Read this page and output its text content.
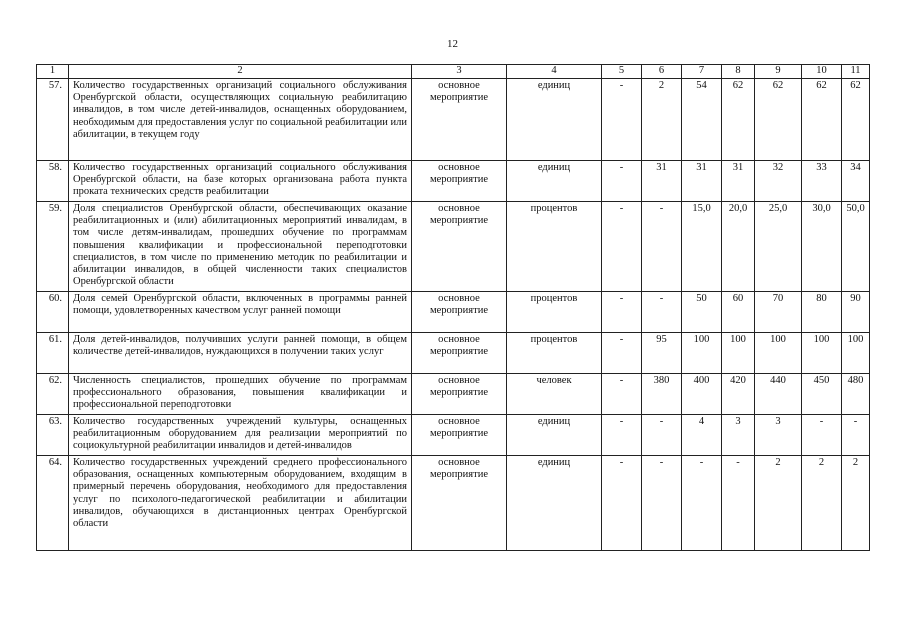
12
1	2	3	4	5	6	7	8	9	10	11
57.	Количество государственных организаций социального обслуживания Оренбургской области, осуществляющих социальную реабилитацию инвалидов, в том числе детей-инвалидов, оснащенных оборудованием, необходимым для предоставления услуг по социальной реабилитации или абилитации, в текущем году	основное мероприятие	единиц	-	2	54	62	62	62	62
58.	Количество государственных организаций социального обслуживания Оренбургской области, на базе которых организована работа пункта проката технических средств реабилитации	основное мероприятие	единиц	-	31	31	31	32	33	34
59.	Доля специалистов Оренбургской области, обеспечивающих оказание реабилитационных и (или) абилитационных мероприятий инвалидам, в том числе детям-инвалидам, прошедших обучение по программам повышения квалификации и профессиональной переподготовки специалистов, в том числе по применению методик по реабилитации и абилитации инвалидов, в общей численности таких специалистов Оренбургской области	основное мероприятие	процентов	-	-	15,0	20,0	25,0	30,0	50,0
60.	Доля семей Оренбургской области, включенных в программы ранней помощи, удовлетворенных качеством услуг ранней помощи	основное мероприятие	процентов	-	-	50	60	70	80	90
61.	Доля детей-инвалидов, получивших услуги ранней помощи, в общем количестве детей-инвалидов, нуждающихся в получении таких услуг	основное мероприятие	процентов	-	95	100	100	100	100	100
62.	Численность специалистов, прошедших обучение по программам профессионального образования, повышения квалификации и профессиональной переподготовки	основное мероприятие	человек	-	380	400	420	440	450	480
63.	Количество государственных учреждений культуры, оснащенных реабилитационным оборудованием для реализации мероприятий по социокультурной реабилитации инвалидов и детей-инвалидов	основное мероприятие	единиц	-	-	4	3	3	-	-
64.	Количество государственных учреждений среднего профессионального образования, оснащенных компьютерным оборудованием, входящим в примерный перечень оборудования, необходимого для предоставления услуг по психолого-педагогической реабилитации и абилитации инвалидов, обучающихся в дистанционных центрах Оренбургской области	основное мероприятие	единиц	-	-	-	-	2	2	2
